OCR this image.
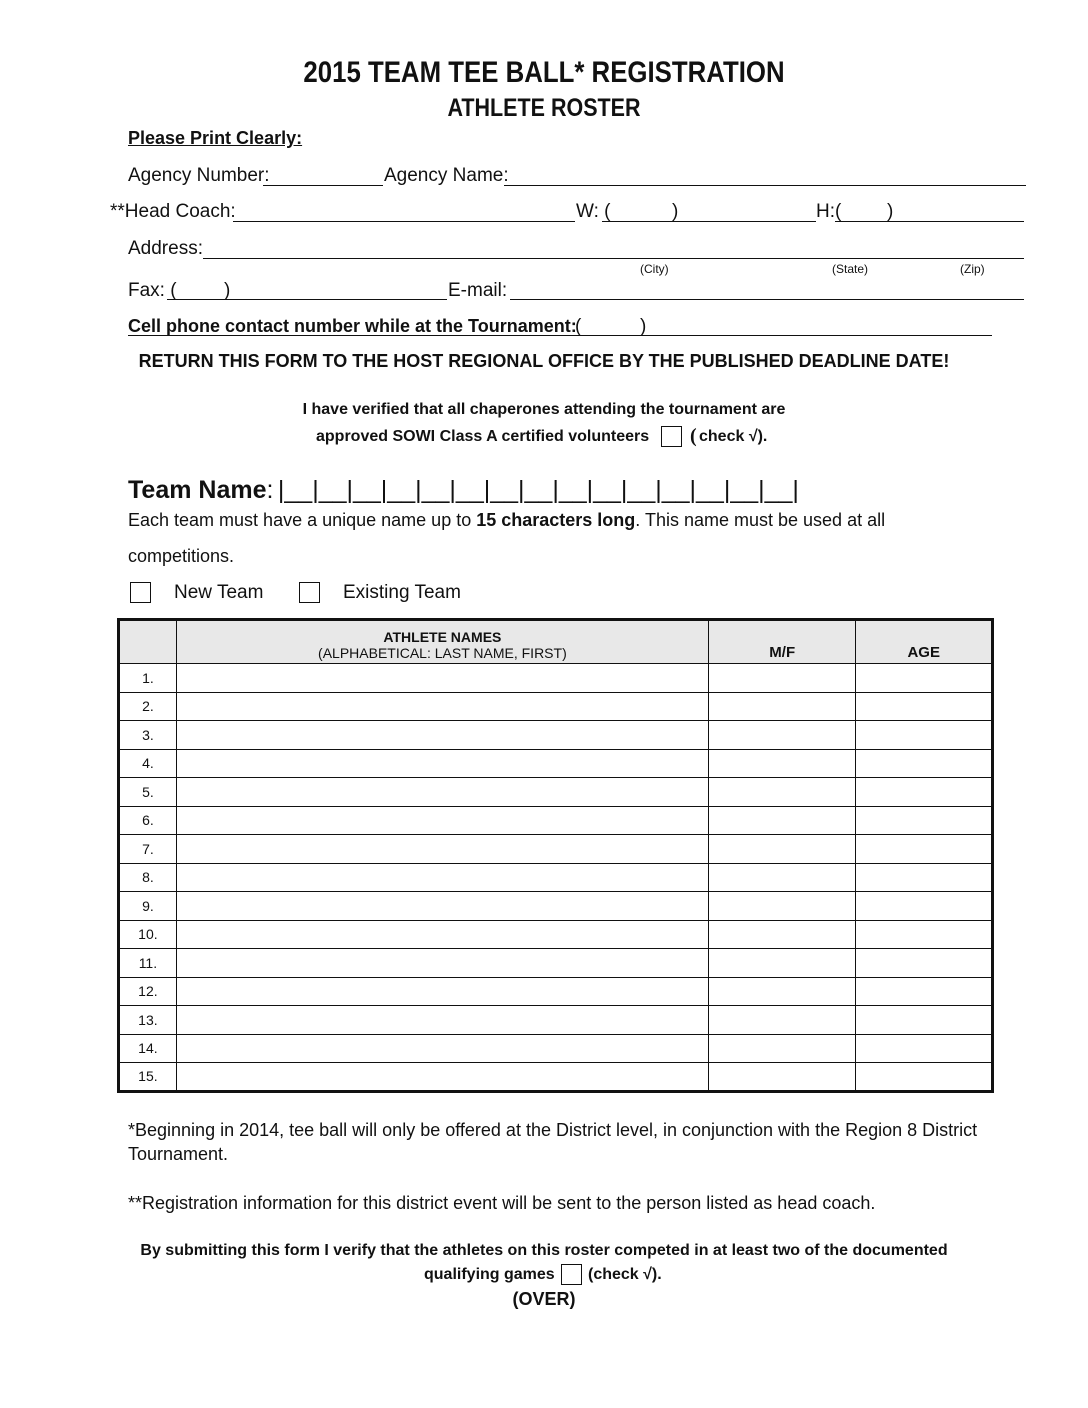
2015 TEAM TEE BALL* REGISTRATION
ATHLETE ROSTER
Please Print Clearly:
Agency Number:	Agency Name:
**Head Coach:	W: (	)	H:( )
Address:
(City)	(State)	(Zip)
Fax: ( )	E-mail:
Cell phone contact number while at the Tournament:
(	)
RETURN THIS FORM TO THE HOST REGIONAL OFFICE BY THE PUBLISHED DEADLINE DATE!
I have verified that all chaperones attending the tournament are
approved SOWI Class A certified volunteers ( check √).
Team Name: |__|__|__|__|__|__|__|__|__|__|__|__|__|__|__|
Each team must have a unique name up to 15 characters long. This name must be used at all
competitions.
New Team	Existing Team

	ATHLETE NAMES
(ALPHABETICAL: LAST NAME, FIRST)	M/F	AGE
1.			
2.			
3.			
4.			
5.			
6.			
7.			
8.			
9.			
10.			
11.			
12.			
13.			
14.			
15.			
*Beginning in 2014, tee ball will only be offered at the District level, in conjunction with the Region 8 District
Tournament.
**Registration information for this district event will be sent to the person listed as head coach.
By submitting this form I verify that the athletes on this roster competed in at least two of the documented
qualifying games (check √).
(OVER)
